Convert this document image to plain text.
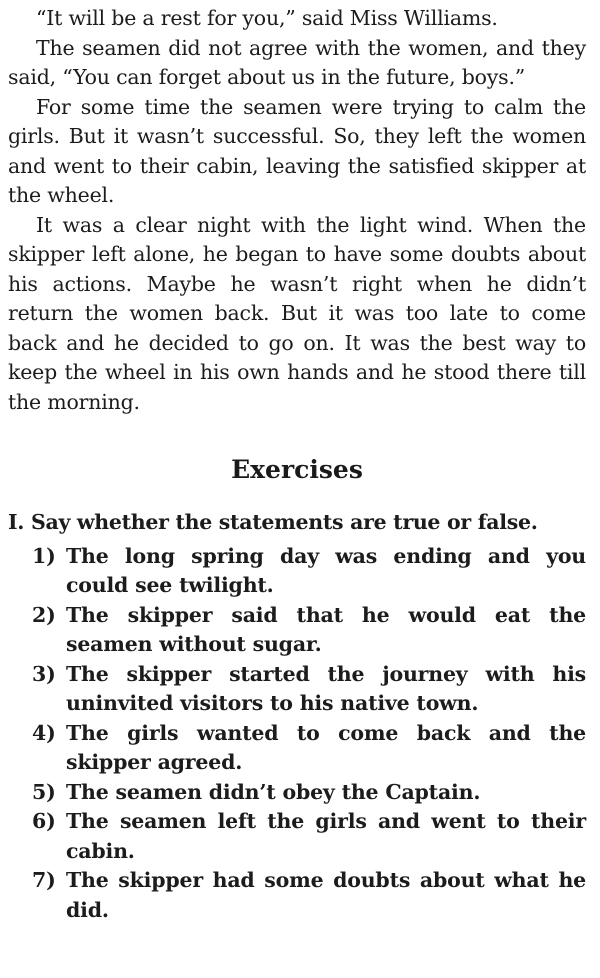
“It will be a rest for you,” said Miss Williams.

The seamen did not agree with the women, and they said, “You can forget about us in the future, boys.”

For some time the seamen were trying to calm the girls. But it wasn’t successful. So, they left the women and went to their cabin, leaving the satisfied skipper at the wheel.

It was a clear night with the light wind. When the skipper left alone, he began to have some doubts about his actions. Maybe he wasn’t right when he didn’t return the women back. But it was too late to come back and he decided to go on. It was the best way to keep the wheel in his own hands and he stood there till the morning.

Exercises
I. Say whether the statements are true or false.
1) The long spring day was ending and you could see twilight.
2) The skipper said that he would eat the seamen without sugar.
3) The skipper started the journey with his uninvited visitors to his native town.
4) The girls wanted to come back and the skipper agreed.
5) The seamen didn’t obey the Captain.
6) The seamen left the girls and went to their cabin.
7) The skipper had some doubts about what he did.
